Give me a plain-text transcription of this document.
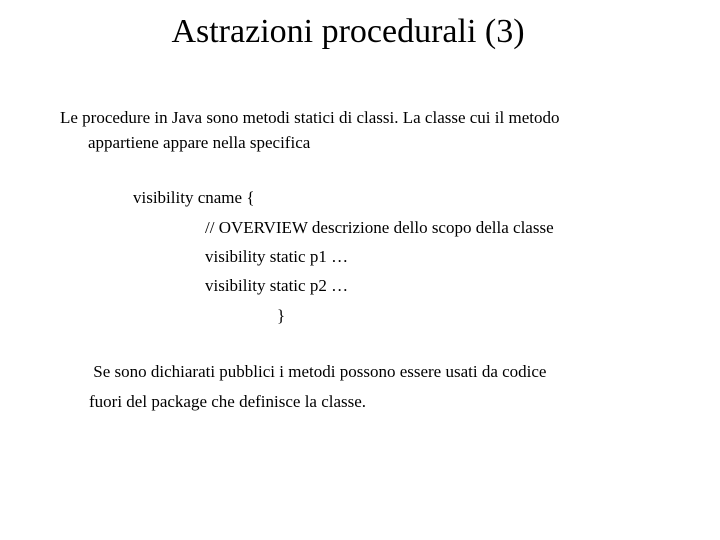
Astrazioni procedurali (3)
Le procedure in Java sono metodi statici di classi. La classe cui il metodo
appartiene appare nella specifica
visibility cname {
// OVERVIEW descrizione dello scopo della classe
visibility static p1 …
visibility static p2 …
}
Se sono dichiarati pubblici i metodi possono essere usati da codice
fuori del package che definisce la classe.
